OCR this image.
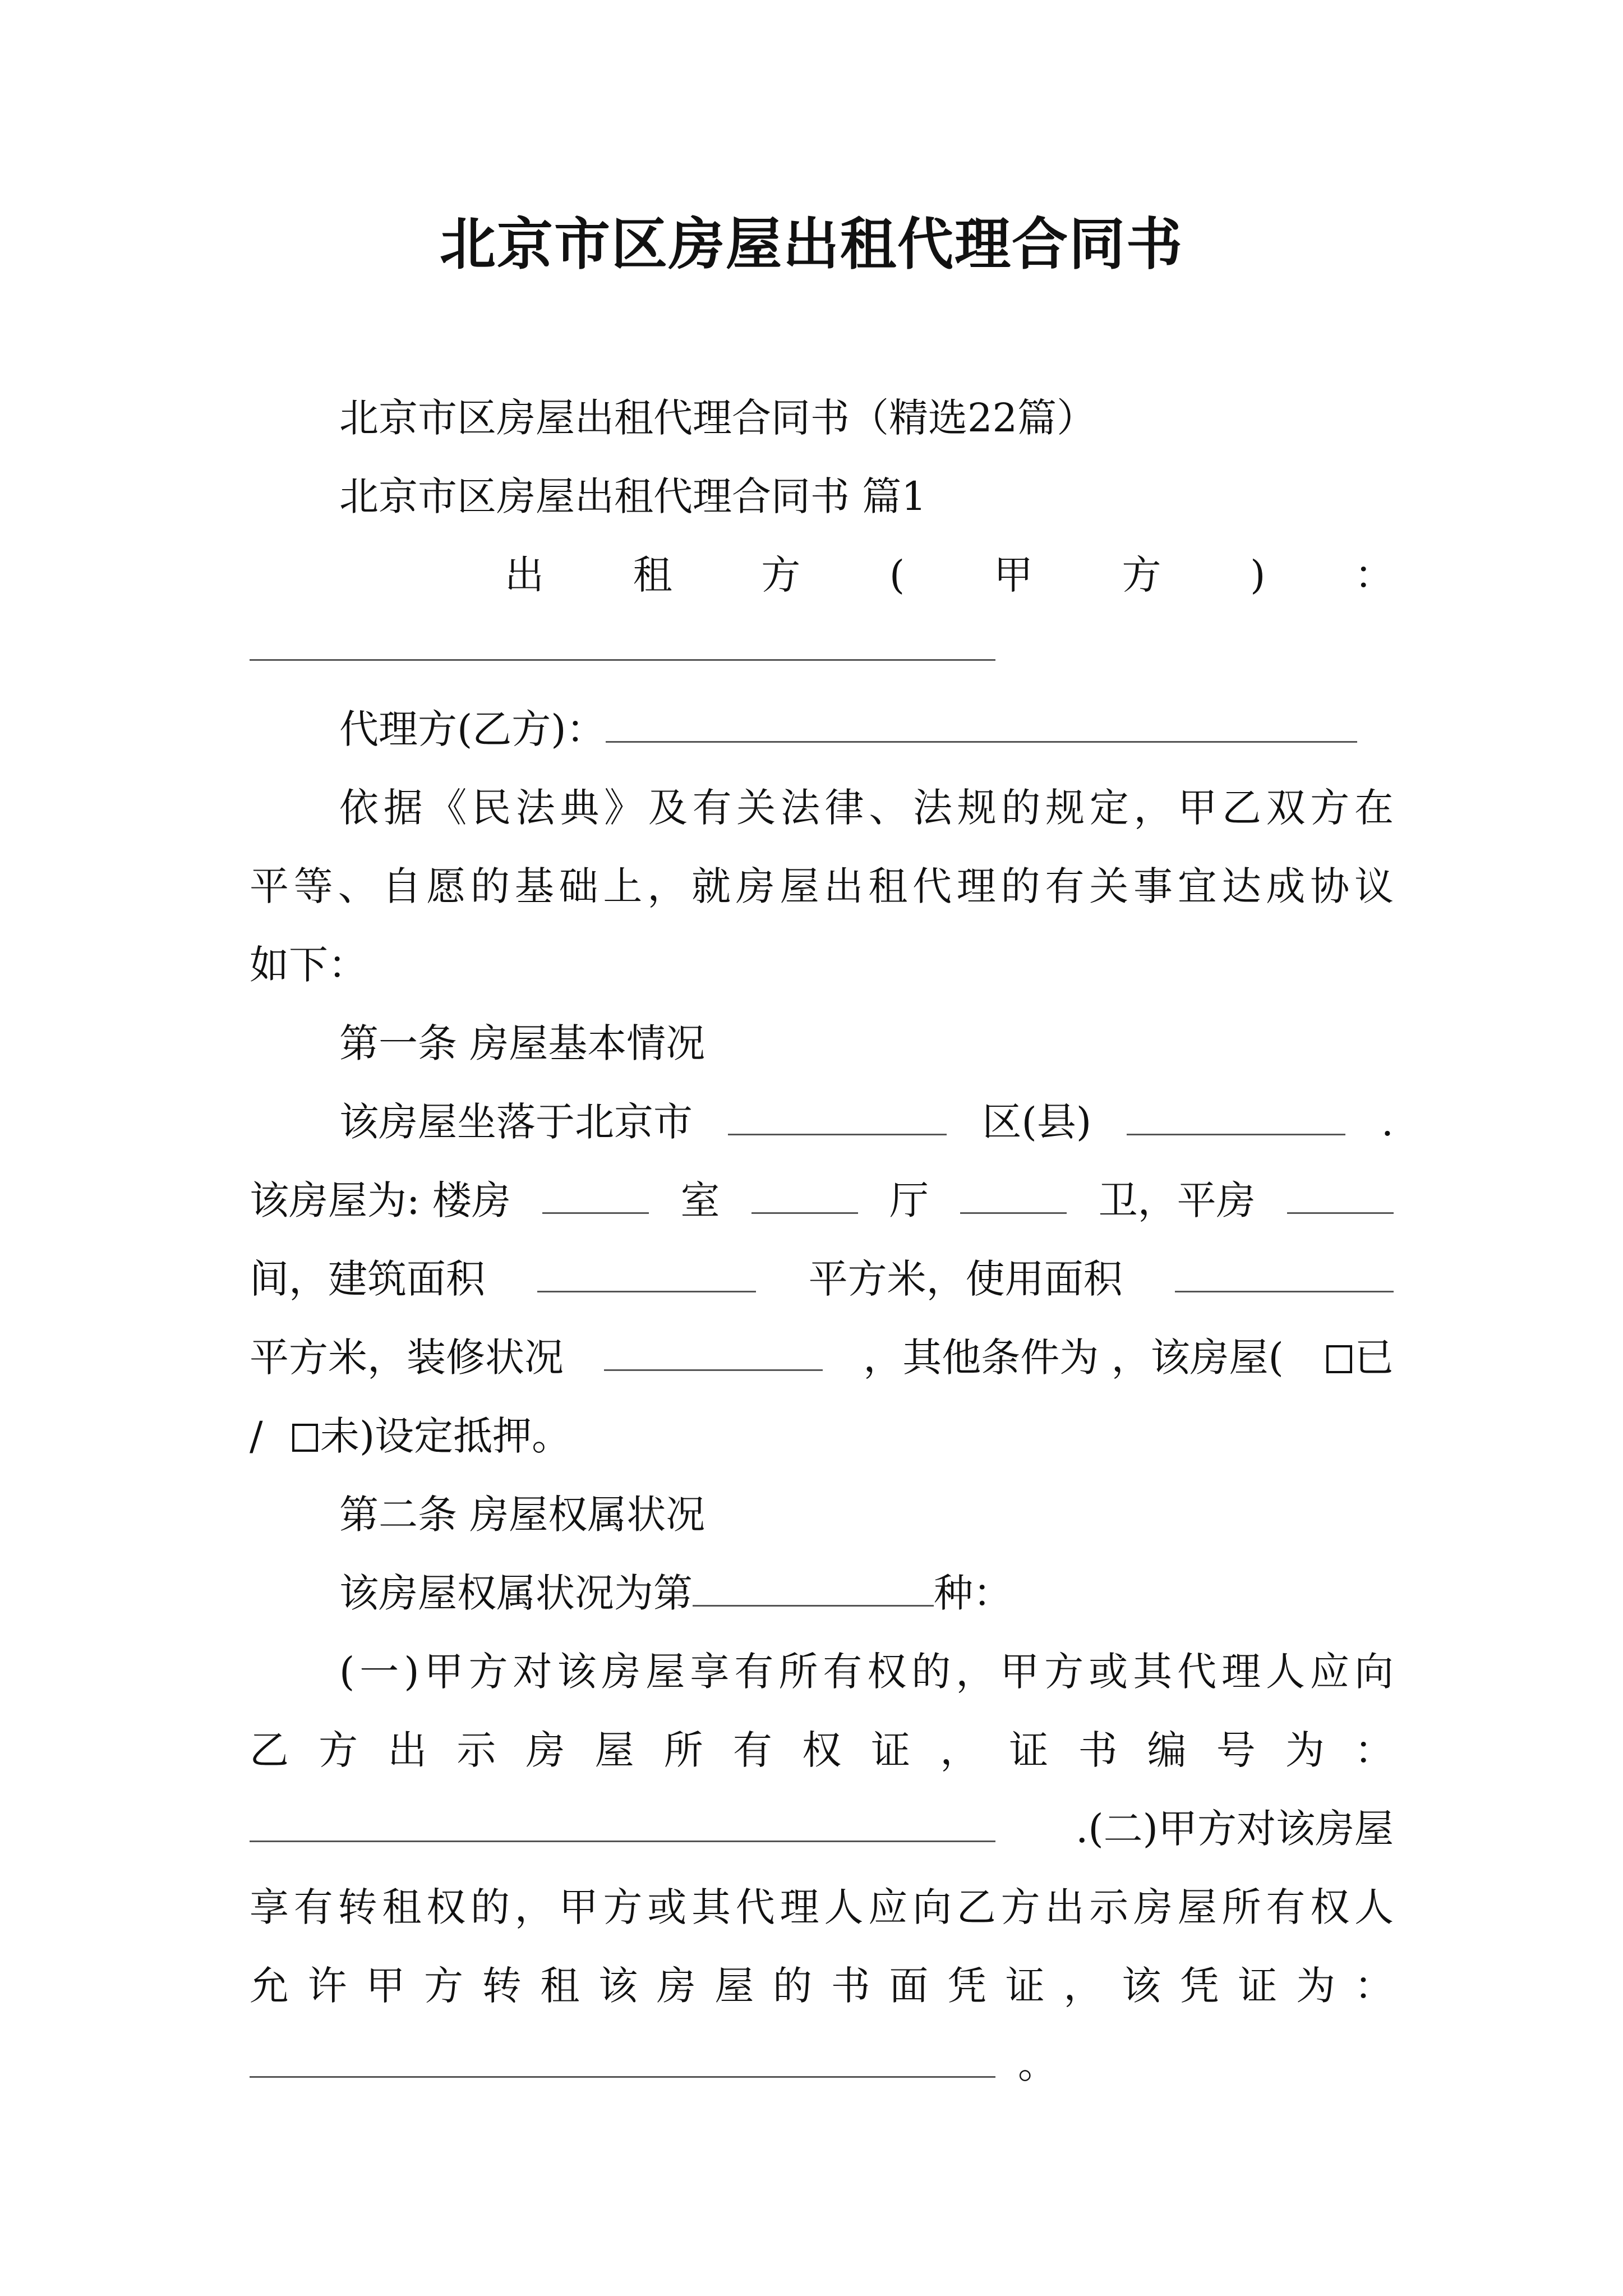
北京市区房屋出租代理合同书
北京市区房屋出租代理合同书（精选22篇）
北京市区房屋出租代理合同书 篇1
出 租 方 ( 甲 方 ) ：
代理方(乙方)：
依据《民法典》及有关法律、法规的规定，甲乙双方在
平等、自愿的基础上，就房屋出租代理的有关事宜达成协议
如下：
第一条 房屋基本情况
该房屋坐落于北京市	区(县)	.
该房屋为: 楼房	室	厅	卫，平房
间，建筑面积	平方米，使用面积
平方米，装修状况	，其他条件为 ，该房屋(	已
/ 未)设定抵押。
第二条 房屋权属状况
该房屋权属状况为第	种：
(一)甲方对该房屋享有所有权的，甲方或其代理人应向
乙 方 出 示 房 屋 所 有 权 证 ， 证 书 编 号 为 ：
.(二)甲方对该房屋
享有转租权的，甲方或其代理人应向乙方出示房屋所有权人
允 许 甲 方 转 租 该 房 屋 的 书 面 凭 证 ， 该 凭 证 为 ：
。
